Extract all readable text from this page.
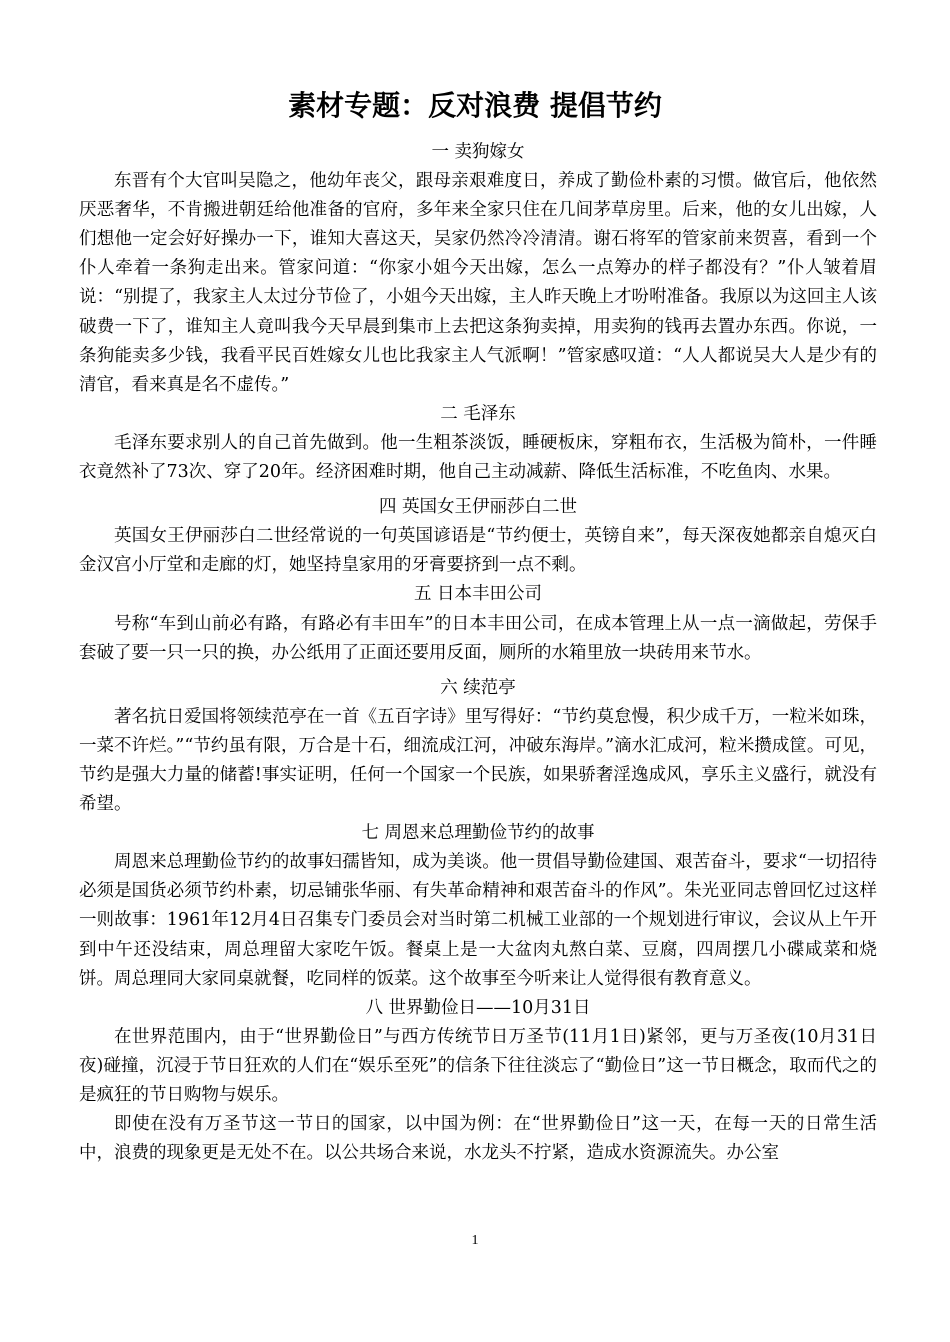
素材专题：反对浪费 提倡节约

一 卖狗嫁女

东晋有个大官叫吴隐之，他幼年丧父，跟母亲艰难度日，养成了勤俭朴素的习惯。做官后，他依然厌恶奢华，不肯搬进朝廷给他准备的官府，多年来全家只住在几间茅草房里。后来，他的女儿出嫁，人们想他一定会好好操办一下，谁知大喜这天，吴家仍然冷冷清清。谢石将军的管家前来贺喜，看到一个仆人牵着一条狗走出来。管家问道：“你家小姐今天出嫁，怎么一点筹办的样子都没有？”仆人皱着眉说：“别提了，我家主人太过分节俭了，小姐今天出嫁，主人昨天晚上才吩咐准备。我原以为这回主人该破费一下了，谁知主人竟叫我今天早晨到集市上去把这条狗卖掉，用卖狗的钱再去置办东西。你说，一条狗能卖多少钱，我看平民百姓嫁女儿也比我家主人气派啊！”管家感叹道：“人人都说吴大人是少有的清官，看来真是名不虚传。”

二 毛泽东

毛泽东要求别人的自己首先做到。他一生粗茶淡饭，睡硬板床，穿粗布衣，生活极为简朴，一件睡衣竟然补了73次、穿了20年。经济困难时期，他自己主动减薪、降低生活标准，不吃鱼肉、水果。

四 英国女王伊丽莎白二世

英国女王伊丽莎白二世经常说的一句英国谚语是“节约便士，英镑自来”，每天深夜她都亲自熄灭白金汉宫小厅堂和走廊的灯，她坚持皇家用的牙膏要挤到一点不剩。

五 日本丰田公司

号称“车到山前必有路，有路必有丰田车”的日本丰田公司，在成本管理上从一点一滴做起，劳保手套破了要一只一只的换，办公纸用了正面还要用反面，厕所的水箱里放一块砖用来节水。

六 续范亭

著名抗日爱国将领续范亭在一首《五百字诗》里写得好：“节约莫怠慢，积少成千万，一粒米如珠，一菜不许烂。”“节约虽有限，万合是十石，细流成江河，冲破东海岸。”滴水汇成河，粒米攒成筐。可见，节约是强大力量的储蓄!事实证明，任何一个国家一个民族，如果骄奢淫逸成风，享乐主义盛行，就没有希望。

七 周恩来总理勤俭节约的故事

周恩来总理勤俭节约的故事妇孺皆知，成为美谈。他一贯倡导勤俭建国、艰苦奋斗，要求“一切招待必须是国货必须节约朴素，切忌铺张华丽、有失革命精神和艰苦奋斗的作风”。朱光亚同志曾回忆过这样一则故事：1961年12月4日召集专门委员会对当时第二机械工业部的一个规划进行审议，会议从上午开到中午还没结束，周总理留大家吃午饭。餐桌上是一大盆肉丸熬白菜、豆腐，四周摆几小碟咸菜和烧饼。周总理同大家同桌就餐，吃同样的饭菜。这个故事至今听来让人觉得很有教育意义。

八 世界勤俭日——10月31日

在世界范围内，由于“世界勤俭日”与西方传统节日万圣节(11月1日)紧邻，更与万圣夜(10月31日夜)碰撞，沉浸于节日狂欢的人们在“娱乐至死”的信条下往往淡忘了“勤俭日”这一节日概念，取而代之的是疯狂的节日购物与娱乐。

即使在没有万圣节这一节日的国家，以中国为例：在“世界勤俭日”这一天，在每一天的日常生活中，浪费的现象更是无处不在。以公共场合来说，水龙头不拧紧，造成水资源流失。办公室

1
